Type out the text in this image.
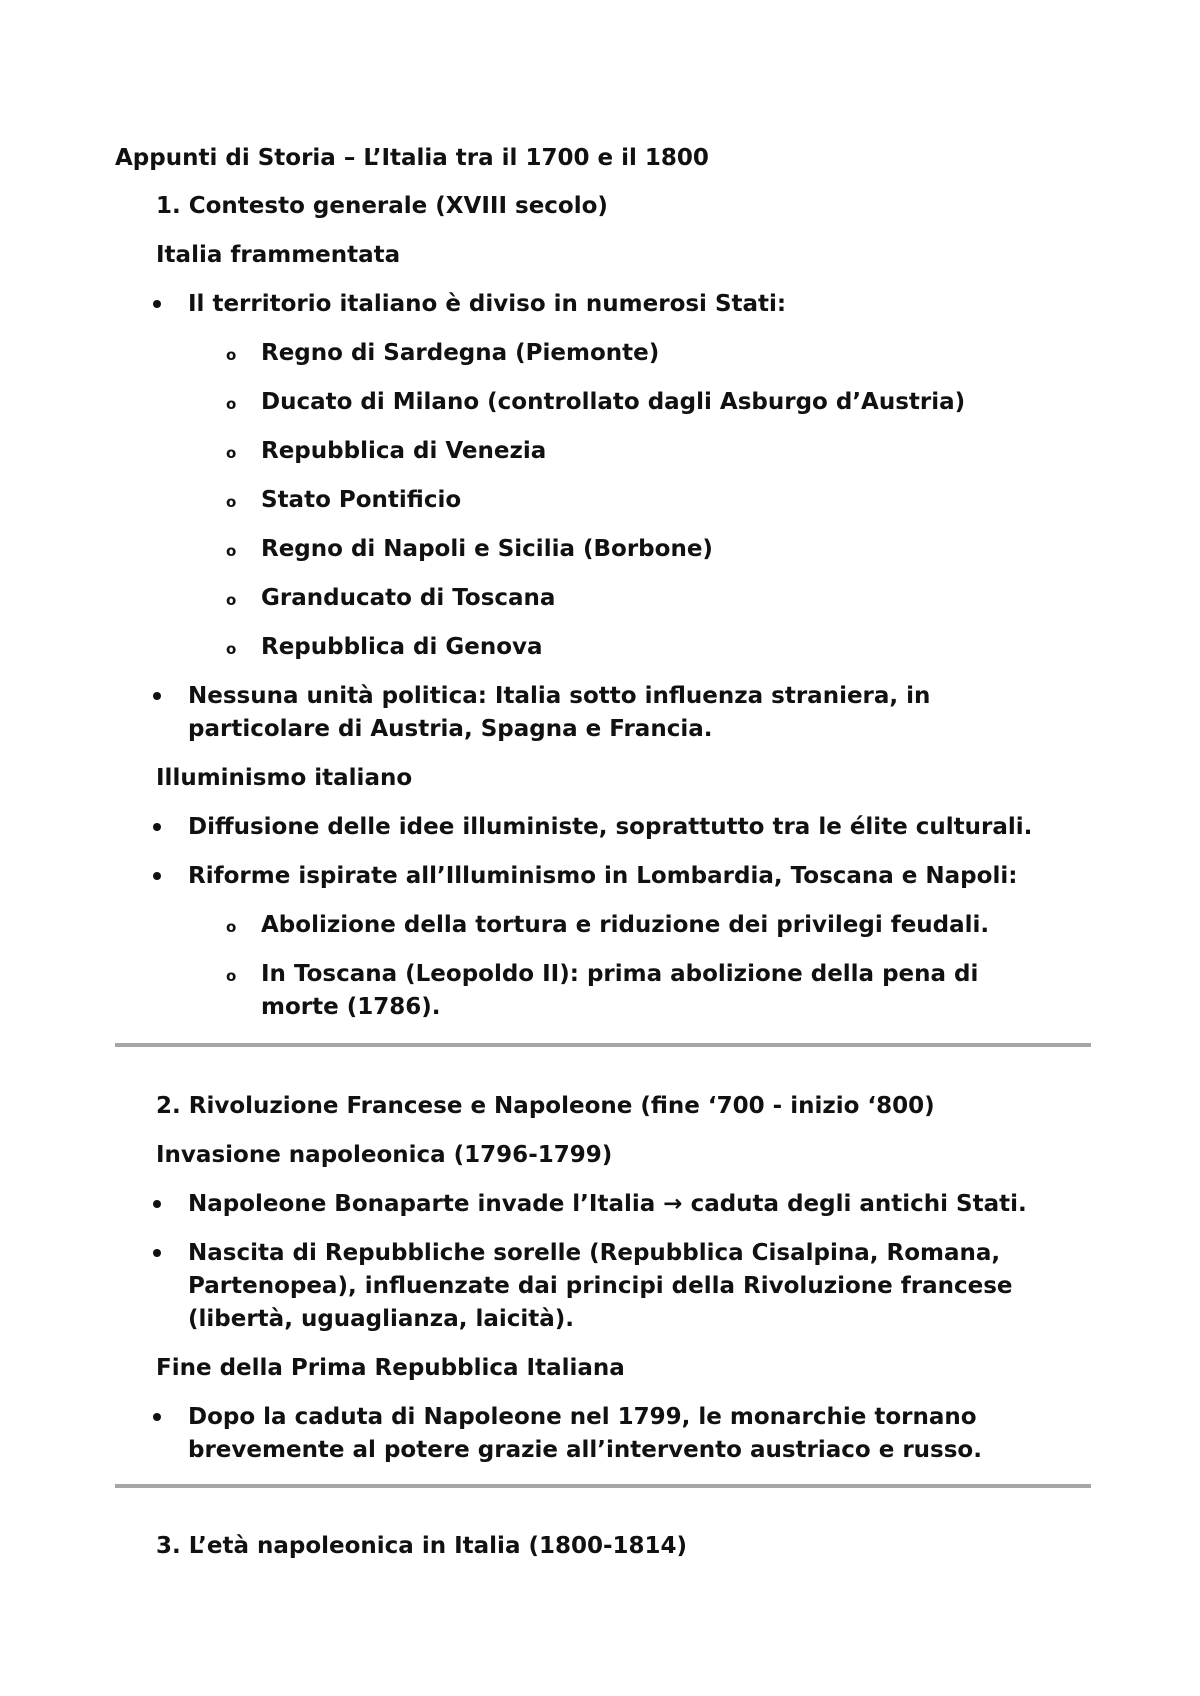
Appunti di Storia – L’Italia tra il 1700 e il 1800
1. Contesto generale (XVIII secolo)
Italia frammentata
Il territorio italiano è diviso in numerosi Stati:
o Regno di Sardegna (Piemonte)
o Ducato di Milano (controllato dagli Asburgo d’Austria)
o Repubblica di Venezia
o Stato Pontificio
o Regno di Napoli e Sicilia (Borbone)
o Granducato di Toscana
o Repubblica di Genova
Nessuna unità politica: Italia sotto influenza straniera, in
particolare di Austria, Spagna e Francia.
Illuminismo italiano
Diffusione delle idee illuministe, soprattutto tra le élite culturali.
Riforme ispirate all’Illuminismo in Lombardia, Toscana e Napoli:
o Abolizione della tortura e riduzione dei privilegi feudali.
o In Toscana (Leopoldo II): prima abolizione della pena di
morte (1786).
2. Rivoluzione Francese e Napoleone (fine ‘700 - inizio ‘800)
Invasione napoleonica (1796-1799)
Napoleone Bonaparte invade l’Italia → caduta degli antichi Stati.
Nascita di Repubbliche sorelle (Repubblica Cisalpina, Romana,
Partenopea), influenzate dai principi della Rivoluzione francese
(libertà, uguaglianza, laicità).
Fine della Prima Repubblica Italiana
Dopo la caduta di Napoleone nel 1799, le monarchie tornano
brevemente al potere grazie all’intervento austriaco e russo.
3. L’età napoleonica in Italia (1800-1814)
